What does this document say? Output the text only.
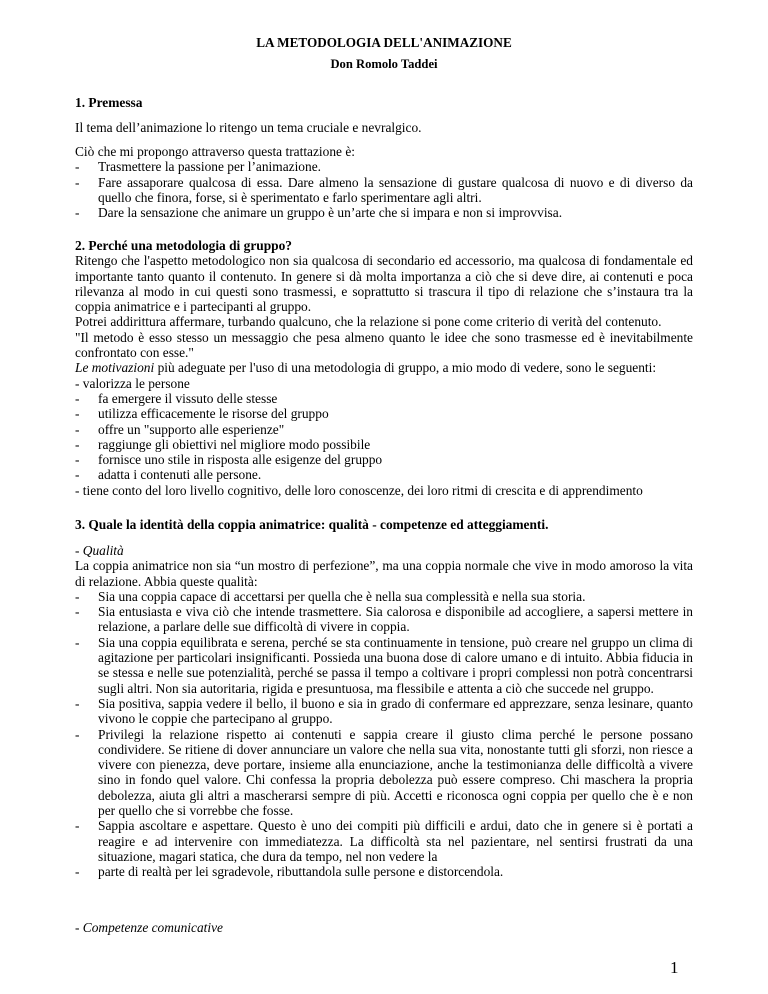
LA METODOLOGIA DELL'ANIMAZIONE
Don Romolo Taddei

1. Premessa

Il tema dell’animazione lo ritengo un tema cruciale e nevralgico.

Ciò che mi propongo attraverso questa trattazione è:

- Trasmettere la passione per l’animazione.
- Fare assaporare qualcosa di essa. Dare almeno la sensazione di gustare qualcosa di nuovo e di diverso da quello che finora, forse, si è sperimentato e farlo sperimentare agli altri.
- Dare la sensazione che animare un gruppo è un’arte che si impara e non si improvvisa.

2. Perché una metodologia di gruppo?

Ritengo che l'aspetto metodologico non sia qualcosa di secondario ed accessorio, ma qualcosa di fondamentale ed importante tanto quanto il contenuto. In genere si dà molta importanza a ciò che si deve dire, ai contenuti e poca rilevanza al modo in cui questi sono trasmessi, e soprattutto si trascura il tipo di relazione che s’instaura tra la coppia animatrice e i partecipanti al gruppo.

Potrei addirittura affermare, turbando qualcuno, che la relazione si pone come criterio di verità del contenuto.

"Il metodo è esso stesso un messaggio che pesa almeno quanto le idee che sono trasmesse ed è inevitabilmente confrontato con esse."

Le motivazioni più adeguate per l'uso di una metodologia di gruppo, a mio modo di vedere, sono le seguenti:

- valorizza le persone

- fa emergere il vissuto delle stesse
- utilizza efficacemente le risorse del gruppo
- offre un "supporto alle esperienze"
- raggiunge gli obiettivi nel migliore modo possibile
- fornisce uno stile in risposta alle esigenze del gruppo
- adatta i contenuti alle persone.

- tiene conto del loro livello cognitivo, delle loro conoscenze, dei loro ritmi di crescita e di apprendimento

3. Quale la identità della coppia animatrice: qualità - competenze ed atteggiamenti.

- Qualità

La coppia animatrice non sia “un mostro di perfezione”, ma una coppia normale che vive in modo amoroso la vita di relazione. Abbia queste qualità:

- Sia una coppia capace di accettarsi per quella che è nella sua complessità e nella sua storia.
- Sia entusiasta e viva ciò che intende trasmettere. Sia calorosa e disponibile ad accogliere, a sapersi mettere in relazione, a parlare delle sue difficoltà di vivere in coppia.
- Sia una coppia equilibrata e serena, perché se sta continuamente in tensione, può creare nel gruppo un clima di agitazione per particolari insignificanti. Possieda una buona dose di calore umano e di intuito. Abbia fiducia in se stessa e nelle sue potenzialità, perché se passa il tempo a coltivare i propri complessi non potrà concentrarsi sugli altri. Non sia autoritaria, rigida e presuntuosa, ma flessibile e attenta a ciò che succede nel gruppo.
- Sia positiva, sappia vedere il bello, il buono e sia in grado di confermare ed apprezzare, senza lesinare, quanto vivono le coppie che partecipano al gruppo.
- Privilegi la relazione rispetto ai contenuti e sappia creare il giusto clima perché le persone possano condividere. Se ritiene di dover annunciare un valore che nella sua vita, nonostante tutti gli sforzi, non riesce a vivere con pienezza, deve portare, insieme alla enunciazione, anche la testimonianza delle difficoltà a vivere sino in fondo quel valore. Chi confessa la propria debolezza può essere compreso. Chi maschera la propria debolezza, aiuta gli altri a mascherarsi sempre di più. Accetti e riconosca ogni coppia per quello che è e non per quello che si vorrebbe che fosse.
- Sappia ascoltare e aspettare. Questo è uno dei compiti più difficili e ardui, dato che in genere si è portati a reagire e ad intervenire con immediatezza. La difficoltà sta nel pazientare, nel sentirsi frustrati da una situazione, magari statica, che dura da tempo, nel non vedere la
- parte di realtà per lei sgradevole, ributtandola sulle persone e distorcendola.

- Competenze comunicative

1
